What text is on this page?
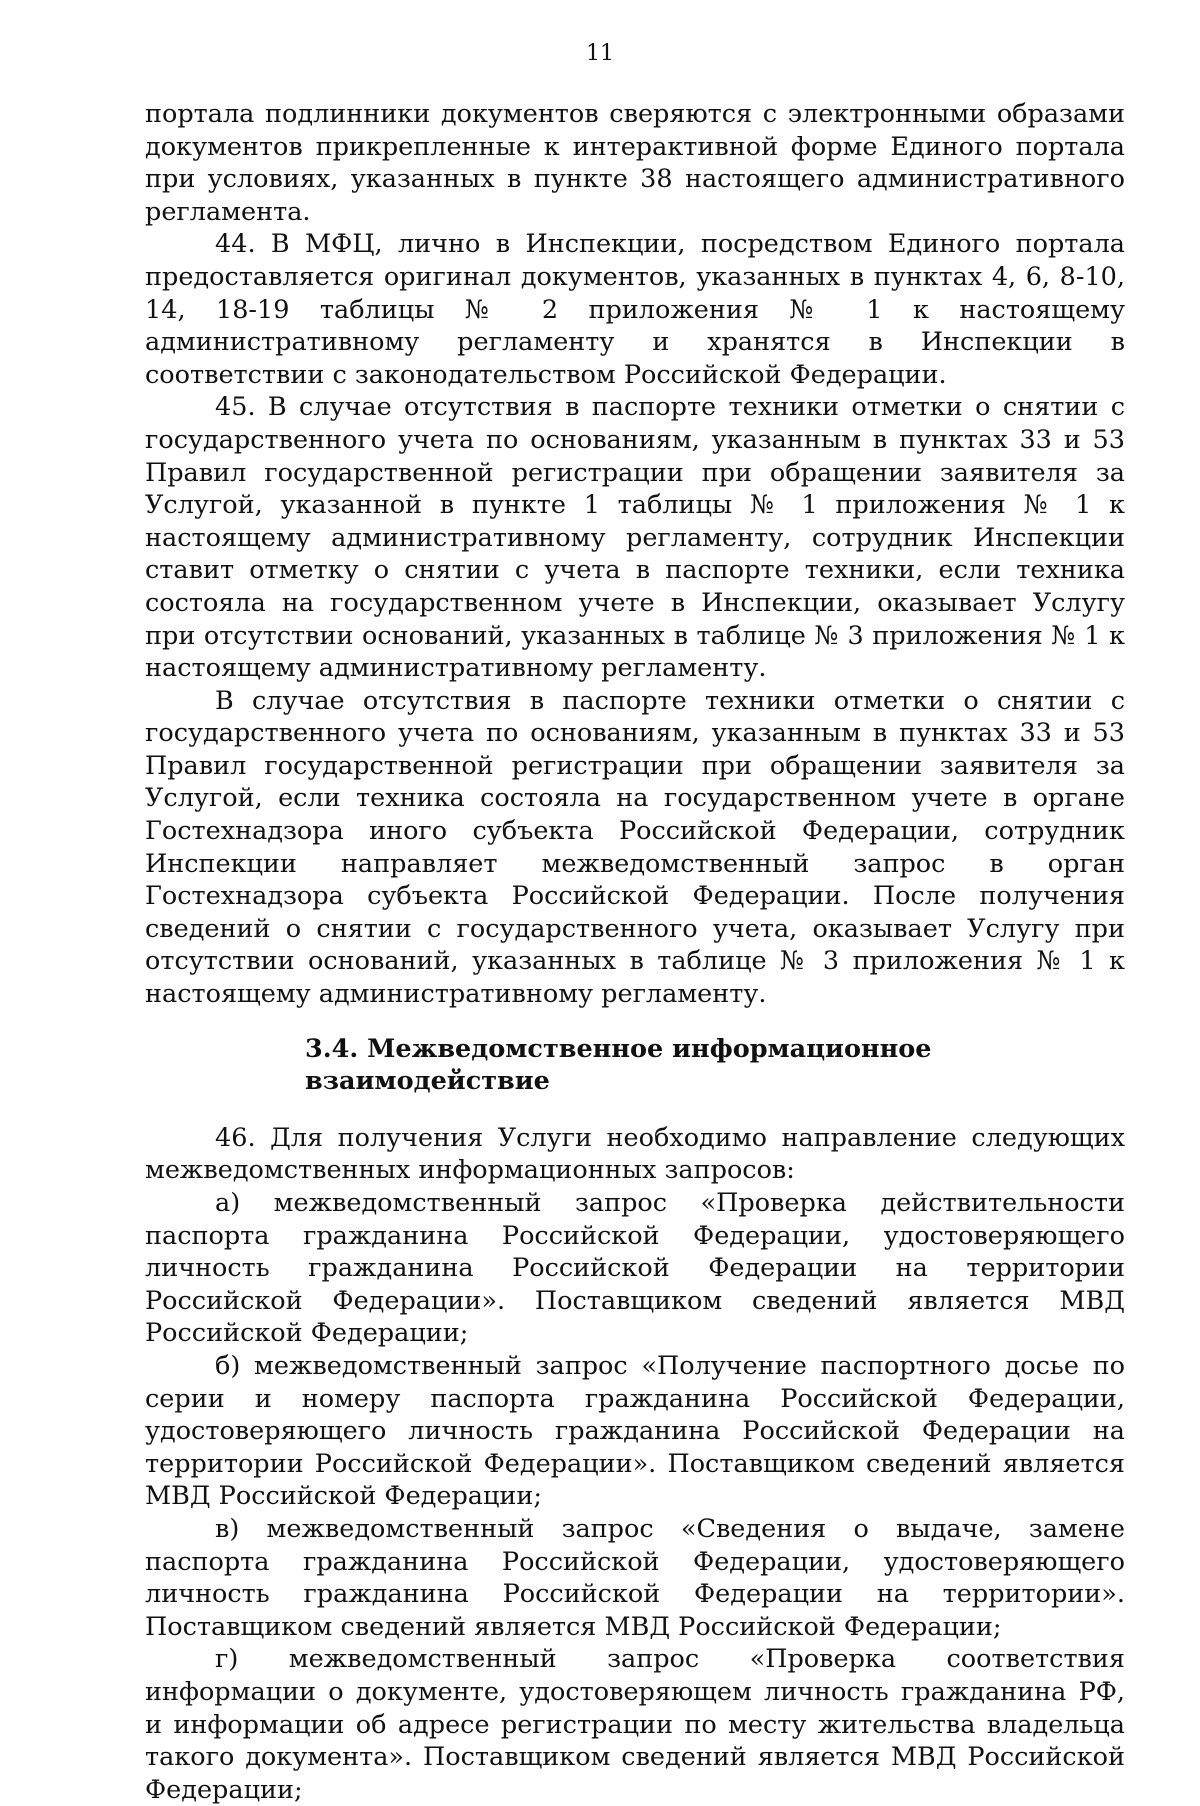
11

портала подлинники документов сверяются с электронными образами документов прикрепленные к интерактивной форме Единого портала при условиях, указанных в пункте 38 настоящего административного регламента.

44. В МФЦ, лично в Инспекции, посредством Единого портала предоставляется оригинал документов, указанных в пунктах 4, 6, 8-10, 14, 18-19 таблицы № 2 приложения № 1 к настоящему административному регламенту и хранятся в Инспекции в соответствии с законодательством Российской Федерации.

45. В случае отсутствия в паспорте техники отметки о снятии с государственного учета по основаниям, указанным в пунктах 33 и 53 Правил государственной регистрации при обращении заявителя за Услугой, указанной в пункте 1 таблицы № 1 приложения № 1 к настоящему административному регламенту, сотрудник Инспекции ставит отметку о снятии с учета в паспорте техники, если техника состояла на государственном учете в Инспекции, оказывает Услугу при отсутствии оснований, указанных в таблице № 3 приложения № 1 к настоящему административному регламенту.

В случае отсутствия в паспорте техники отметки о снятии с государственного учета по основаниям, указанным в пунктах 33 и 53 Правил государственной регистрации при обращении заявителя за Услугой, если техника состояла на государственном учете в органе Гостехнадзора иного субъекта Российской Федерации, сотрудник Инспекции направляет межведомственный запрос в орган Гостехнадзора субъекта Российской Федерации. После получения сведений о снятии с государственного учета, оказывает Услугу при отсутствии оснований, указанных в таблице № 3 приложения № 1 к настоящему административному регламенту.

3.4. Межведомственное информационное взаимодействие

46. Для получения Услуги необходимо направление следующих межведомственных информационных запросов:

а) межведомственный запрос «Проверка действительности паспорта гражданина Российской Федерации, удостоверяющего личность гражданина Российской Федерации на территории Российской Федерации». Поставщиком сведений является МВД Российской Федерации;

б) межведомственный запрос «Получение паспортного досье по серии и номеру паспорта гражданина Российской Федерации, удостоверяющего личность гражданина Российской Федерации на территории Российской Федерации». Поставщиком сведений является МВД Российской Федерации;

в) межведомственный запрос «Сведения о выдаче, замене паспорта гражданина Российской Федерации, удостоверяющего личность гражданина Российской Федерации на территории». Поставщиком сведений является МВД Российской Федерации;

г) межведомственный запрос «Проверка соответствия информации о документе, удостоверяющем личность гражданина РФ, и информации об адресе регистрации по месту жительства владельца такого документа». Поставщиком сведений является МВД Российской Федерации;
